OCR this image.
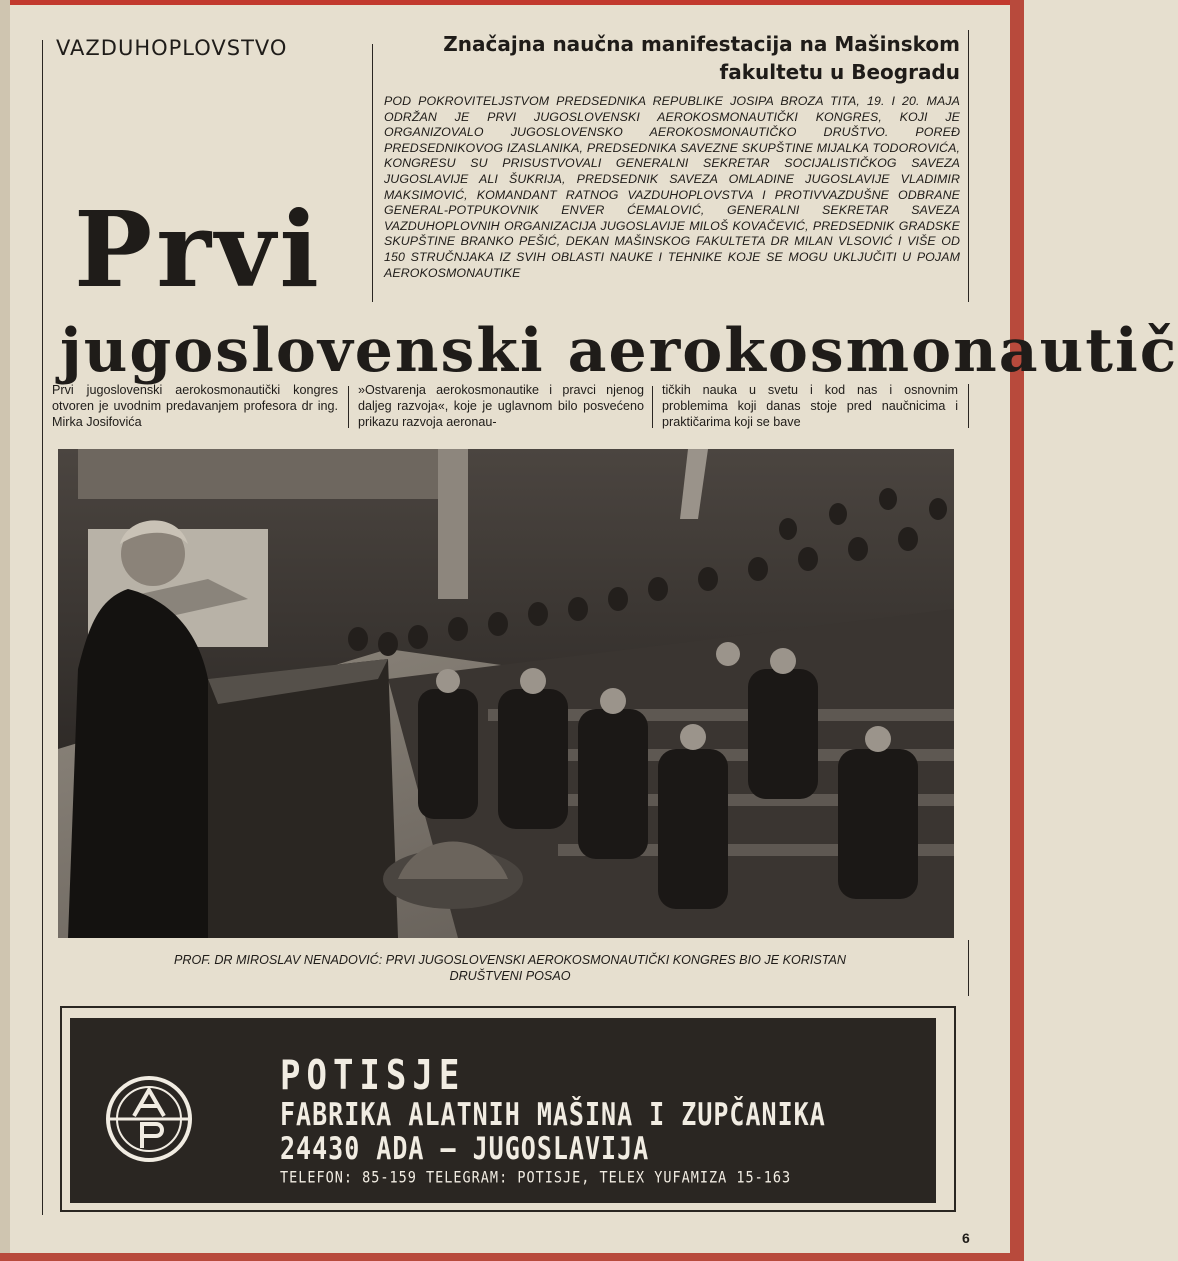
VAZDUHOPLOVSTVO	Značajna naučna manifestacija na Mašinskom fakultetu u Beogradu
POD POKROVITELJSTVOM PREDSEDNIKA REPUBLIKE JOSIPA BROZA TITA, 19. I 20. MAJA ODRŽAN JE PRVI JUGOSLOVENSKI AEROKOSMONAUTIČKI KONGRES, KOJI JE ORGANIZOVALO JUGOSLOVENSKO AEROKOSMONAUTIČKO DRUŠTVO. POREĐ PREDSEDNIKOVOG IZASLANIKA, PREDSEDNIKA SAVEZNE SKUPŠTINE MIJALKA TODOROVIĆA, KONGRESU SU PRISUSTVOVALI GENERALNI SEKRETAR SOCIJALISTIČKOG SAVEZA JUGOSLAVIJE ALI ŠUKRIJA, PREDSEDNIK SAVEZA OMLADINE JUGOSLAVIJE VLADIMIR MAKSIMOVIĆ, KOMANDANT RATNOG VAZDUHOPLOVSTVA I PROTIVVAZDUŠNE ODBRANE GENERAL-POTPUKOVNIK ENVER ĆEMALOVIĆ, GENERALNI SEKRETAR SAVEZA VAZDUHOPLOVNIH ORGANIZACIJA JUGOSLAVIJE MILOŠ KOVAČEVIĆ, PREDSEDNIK GRADSKE SKUPŠTINE BRANKO PEŠIĆ, DEKAN MAŠINSKOG FAKULTETA DR MILAN VLSOVIĆ I VIŠE OD 150 STRUČNJAKA IZ SVIH OBLASTI NAUKE I TEHNIKE KOJE SE MOGU UKLJUČITI U POJAM AEROKOSMONAUTIKE
Prvi
jugoslovenski aerokosmonautič
Prvi jugoslovenski aerokosmonautički kongres otvoren je uvodnim predavanjem profesora dr ing. Mirka Josifovića
»Ostvarenja aerokosmonautike i pravci njenog daljeg razvoja«, koje je uglavnom bilo posvećeno prikazu razvoja aeronau-
tičkih nauka u svetu i kod nas i osnovnim problemima koji danas stoje pred naučnicima i praktičarima koji se bave
PROF. DR MIROSLAV NENADOVIĆ: PRVI JUGOSLOVENSKI AEROKOSMONAUTIČKI KONGRES BIO JE KORISTAN DRUŠTVENI POSAO
POTISJE
FABRIKA ALATNIH MAŠINA I ZUPČANIKA
24430 ADA — JUGOSLAVIJA
TELEFON: 85-159 TELEGRAM: POTISJE, TELEX YUFAMIZA 15-163
6
